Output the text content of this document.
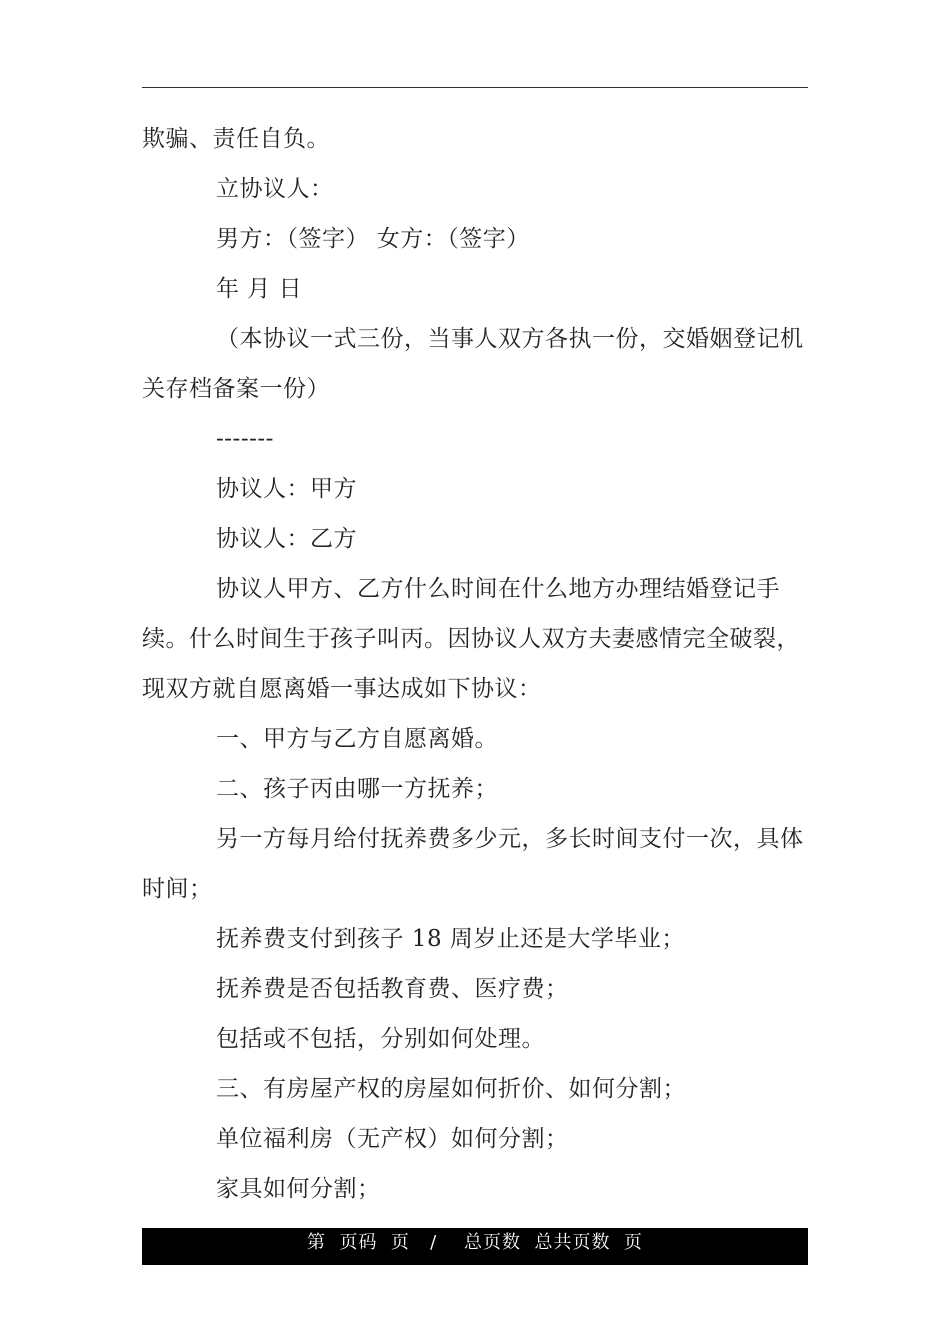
欺骗、责任自负。
立协议人：
男方：（签字） 女方：（签字）
年 月 日
（本协议一式三份，当事人双方各执一份，交婚姻登记机
关存档备案一份）
-------
协议人：甲方
协议人：乙方
协议人甲方、乙方什么时间在什么地方办理结婚登记手
续。什么时间生于孩子叫丙。因协议人双方夫妻感情完全破裂，
现双方就自愿离婚一事达成如下协议：
一、甲方与乙方自愿离婚。
二、孩子丙由哪一方抚养；
另一方每月给付抚养费多少元，多长时间支付一次，具体
时间；
抚养费支付到孩子 18 周岁止还是大学毕业；
抚养费是否包括教育费、医疗费；
包括或不包括，分别如何处理。
三、有房屋产权的房屋如何折价、如何分割；
单位福利房（无产权）如何分割；
家具如何分割；
第  页码  页   /    总页数  总共页数  页
